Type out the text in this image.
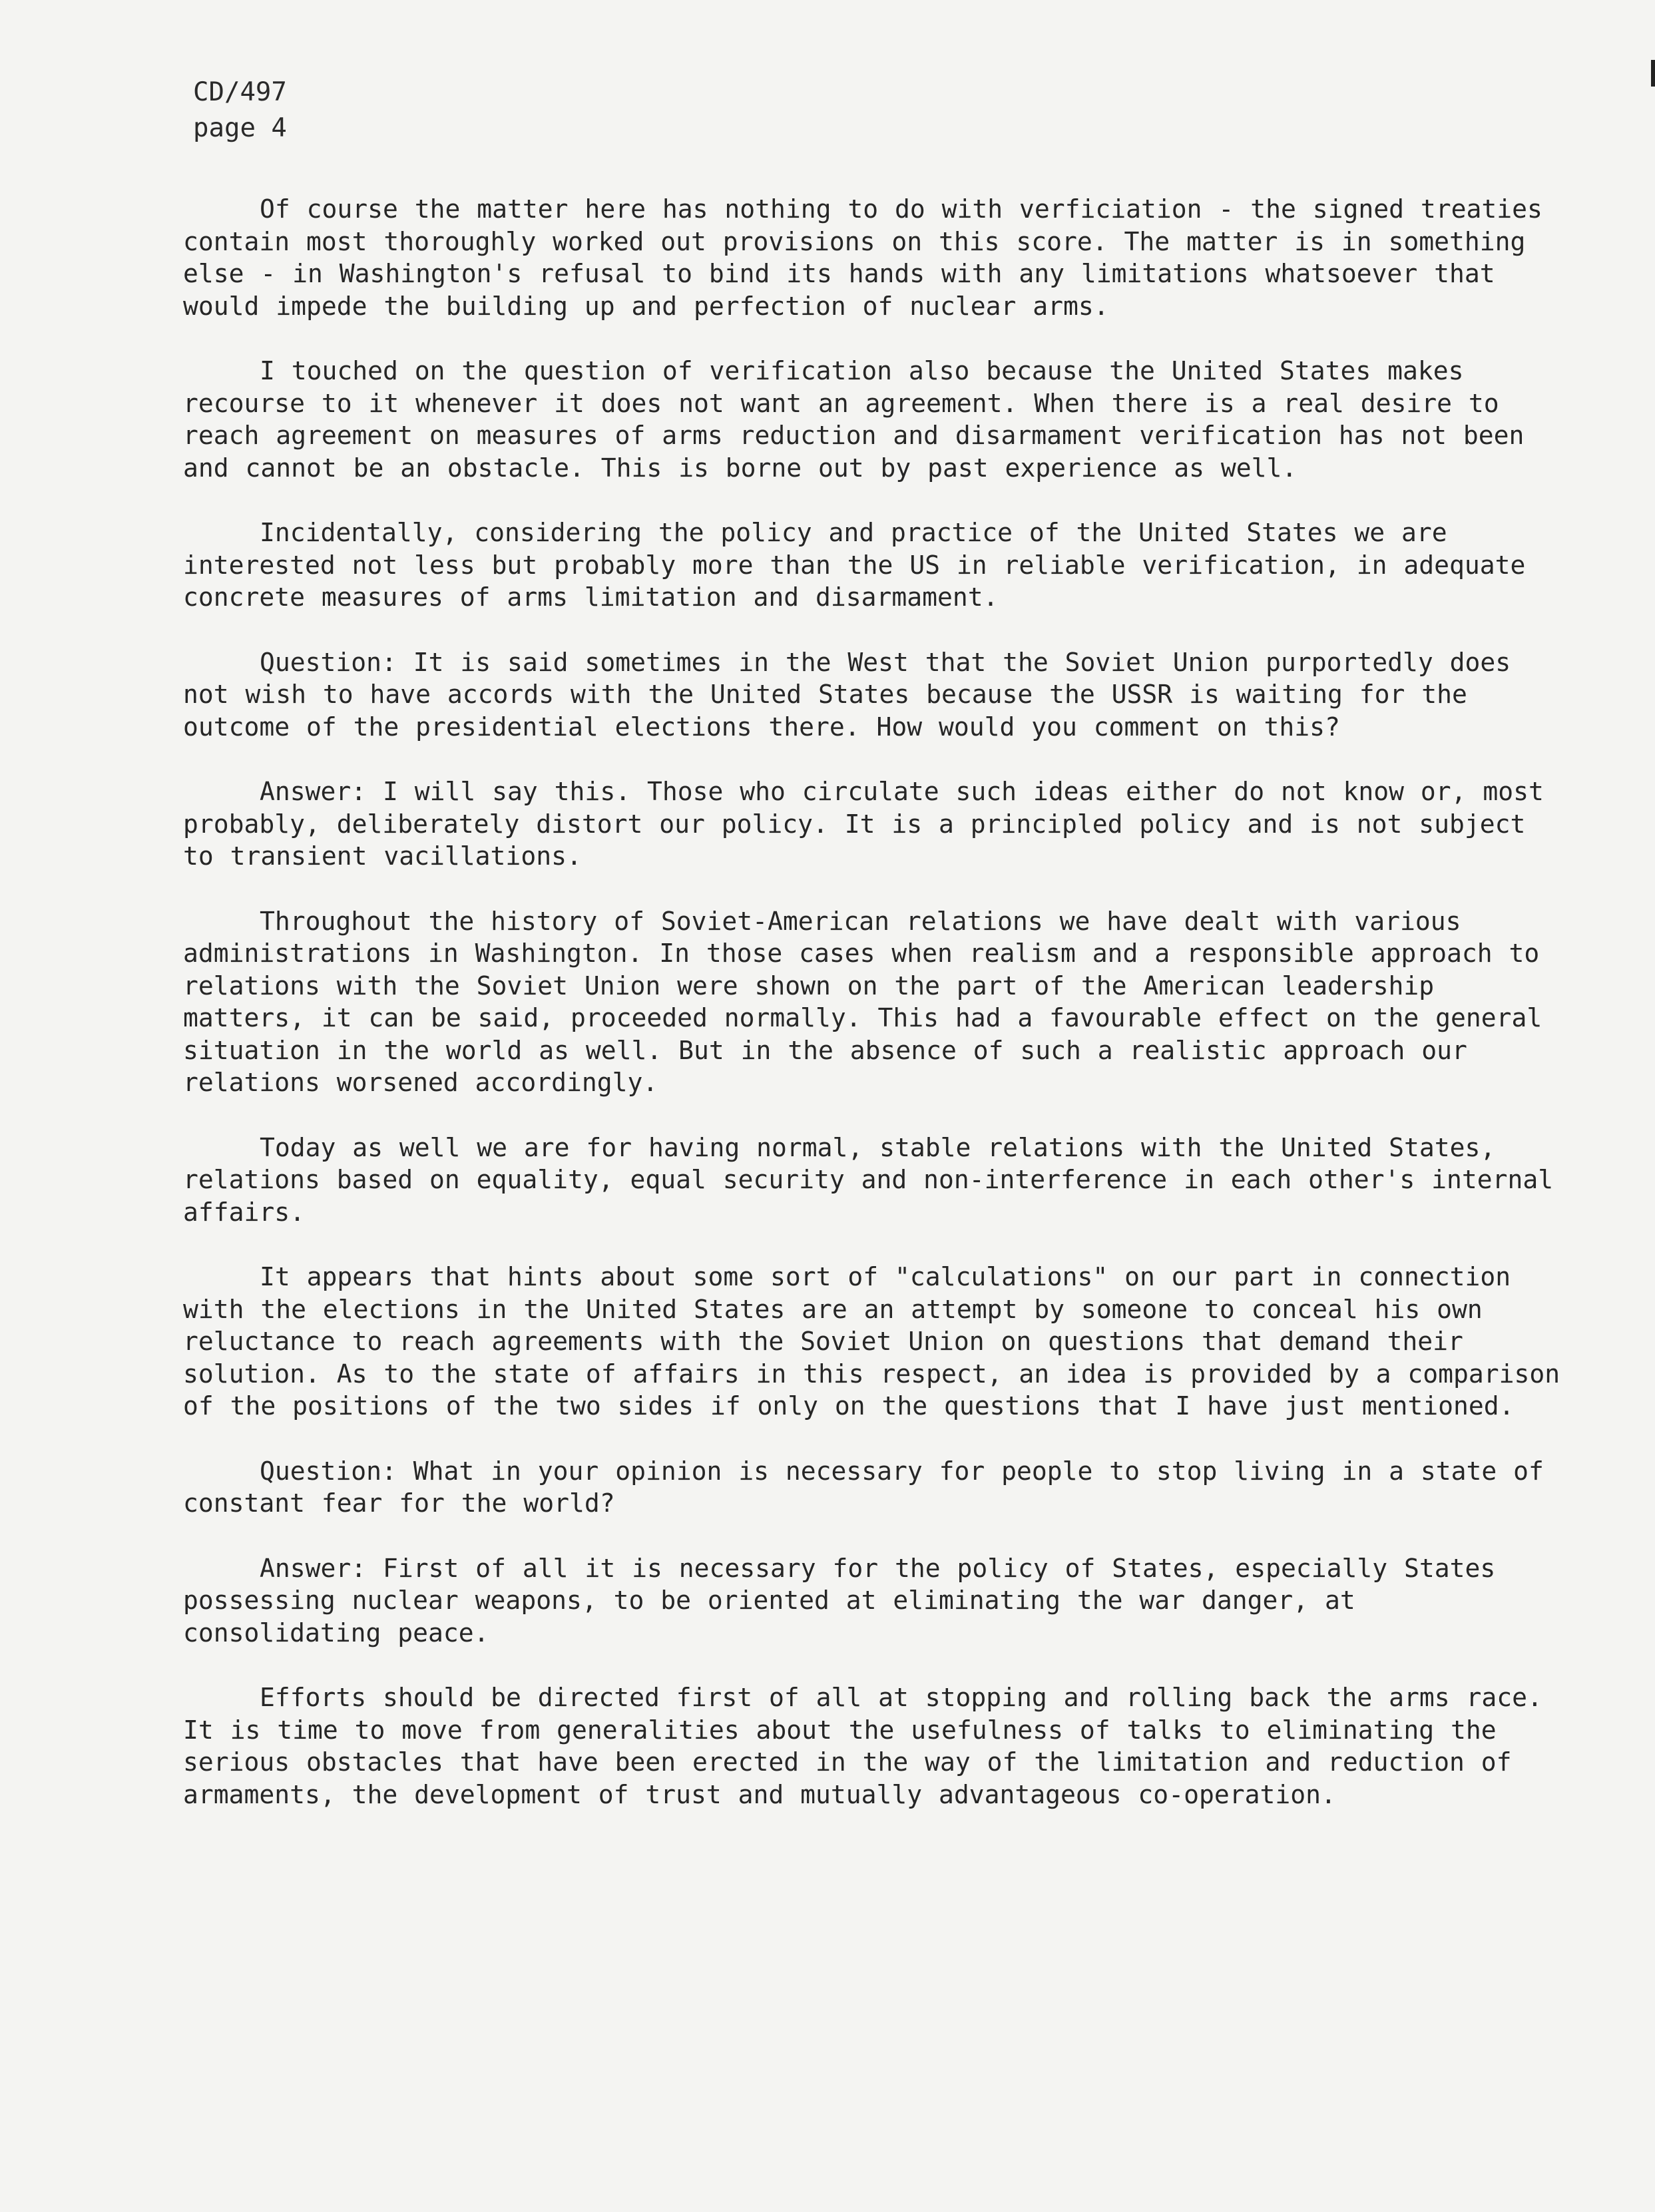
CD/497
page 4

Of course the matter here has nothing to do with verficiation - the signed treaties contain most thoroughly worked out provisions on this score. The matter is in something else - in Washington's refusal to bind its hands with any limitations whatsoever that would impede the building up and perfection of nuclear arms.

I touched on the question of verification also because the United States makes recourse to it whenever it does not want an agreement. When there is a real desire to reach agreement on measures of arms reduction and disarmament verification has not been and cannot be an obstacle. This is borne out by past experience as well.

Incidentally, considering the policy and practice of the United States we are interested not less but probably more than the US in reliable verification, in adequate concrete measures of arms limitation and disarmament.

Question: It is said sometimes in the West that the Soviet Union purportedly does not wish to have accords with the United States because the USSR is waiting for the outcome of the presidential elections there. How would you comment on this?

Answer: I will say this. Those who circulate such ideas either do not know or, most probably, deliberately distort our policy. It is a principled policy and is not subject to transient vacillations.

Throughout the history of Soviet-American relations we have dealt with various administrations in Washington. In those cases when realism and a responsible approach to relations with the Soviet Union were shown on the part of the American leadership matters, it can be said, proceeded normally. This had a favourable effect on the general situation in the world as well. But in the absence of such a realistic approach our relations worsened accordingly.

Today as well we are for having normal, stable relations with the United States, relations based on equality, equal security and non-interference in each other's internal affairs.

It appears that hints about some sort of "calculations" on our part in connection with the elections in the United States are an attempt by someone to conceal his own reluctance to reach agreements with the Soviet Union on questions that demand their solution. As to the state of affairs in this respect, an idea is provided by a comparison of the positions of the two sides if only on the questions that I have just mentioned.

Question: What in your opinion is necessary for people to stop living in a state of constant fear for the world?

Answer: First of all it is necessary for the policy of States, especially States possessing nuclear weapons, to be oriented at eliminating the war danger, at consolidating peace.

Efforts should be directed first of all at stopping and rolling back the arms race. It is time to move from generalities about the usefulness of talks to eliminating the serious obstacles that have been erected in the way of the limitation and reduction of armaments, the development of trust and mutually advantageous co-operation.
